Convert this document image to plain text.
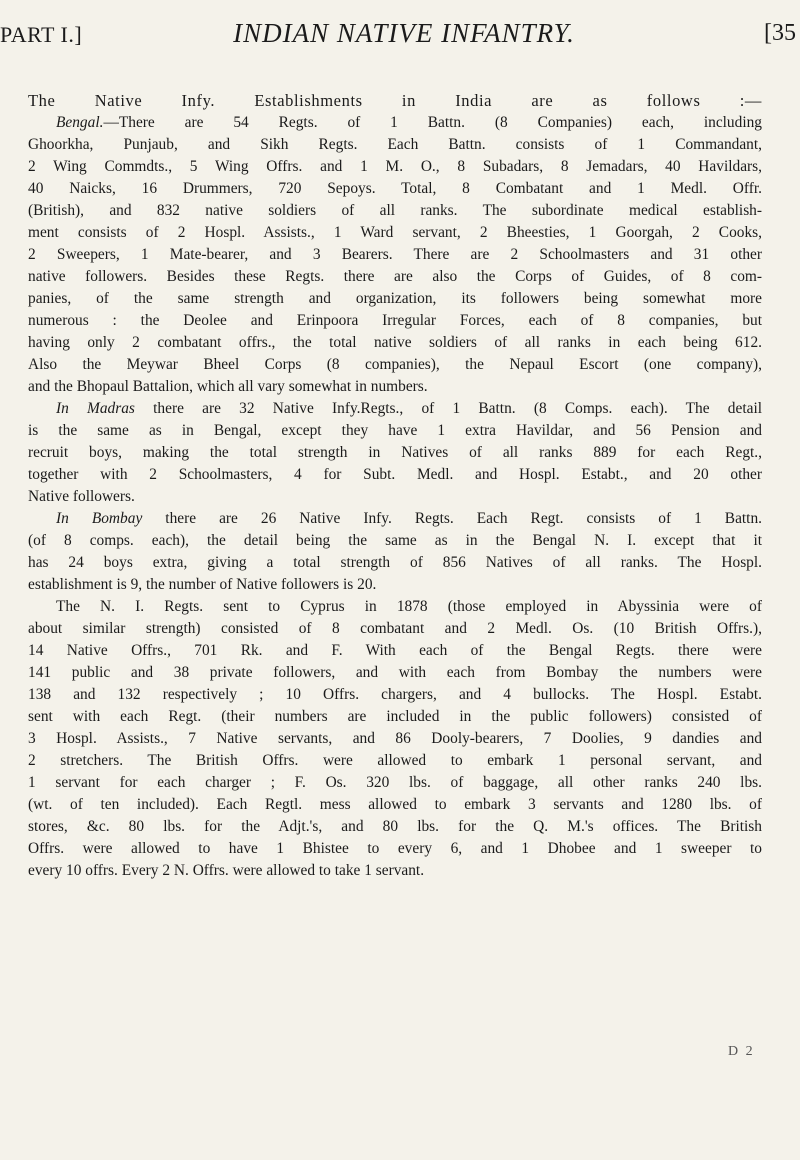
PART I.]	INDIAN NATIVE INFANTRY.	[35
The Native Infy. Establishments in India are as follows :—
Bengal.—There are 54 Regts. of 1 Battn. (8 Companies) each, including
Ghoorkha, Punjaub, and Sikh Regts. Each Battn. consists of 1 Commandant,
2 Wing Commdts., 5 Wing Offrs. and 1 M. O., 8 Subadars, 8 Jemadars, 40 Havildars,
40 Naicks, 16 Drummers, 720 Sepoys. Total, 8 Combatant and 1 Medl. Offr.
(British), and 832 native soldiers of all ranks. The subordinate medical establish-
ment consists of 2 Hospl. Assists., 1 Ward servant, 2 Bheesties, 1 Goorgah, 2 Cooks,
2 Sweepers, 1 Mate-bearer, and 3 Bearers. There are 2 Schoolmasters and 31 other
native followers. Besides these Regts. there are also the Corps of Guides, of 8 com-
panies, of the same strength and organization, its followers being somewhat more
numerous : the Deolee and Erinpoora Irregular Forces, each of 8 companies, but
having only 2 combatant offrs., the total native soldiers of all ranks in each being 612.
Also the Meywar Bheel Corps (8 companies), the Nepaul Escort (one company),
and the Bhopaul Battalion, which all vary somewhat in numbers.
In Madras there are 32 Native Infy.Regts., of 1 Battn. (8 Comps. each). The detail
is the same as in Bengal, except they have 1 extra Havildar, and 56 Pension and
recruit boys, making the total strength in Natives of all ranks 889 for each Regt.,
together with 2 Schoolmasters, 4 for Subt. Medl. and Hospl. Estabt., and 20 other
Native followers.
In Bombay there are 26 Native Infy. Regts. Each Regt. consists of 1 Battn.
(of 8 comps. each), the detail being the same as in the Bengal N. I. except that it
has 24 boys extra, giving a total strength of 856 Natives of all ranks. The Hospl.
establishment is 9, the number of Native followers is 20.
The N. I. Regts. sent to Cyprus in 1878 (those employed in Abyssinia were of
about similar strength) consisted of 8 combatant and 2 Medl. Os. (10 British Offrs.),
14 Native Offrs., 701 Rk. and F. With each of the Bengal Regts. there were
141 public and 38 private followers, and with each from Bombay the numbers were
138 and 132 respectively ; 10 Offrs. chargers, and 4 bullocks. The Hospl. Estabt.
sent with each Regt. (their numbers are included in the public followers) consisted of
3 Hospl. Assists., 7 Native servants, and 86 Dooly-bearers, 7 Doolies, 9 dandies and
2 stretchers. The British Offrs. were allowed to embark 1 personal servant, and
1 servant for each charger ; F. Os. 320 lbs. of baggage, all other ranks 240 lbs.
(wt. of ten included). Each Regtl. mess allowed to embark 3 servants and 1280 lbs. of
stores, &c. 80 lbs. for the Adjt.'s, and 80 lbs. for the Q. M.'s offices. The British
Offrs. were allowed to have 1 Bhistee to every 6, and 1 Dhobee and 1 sweeper to
every 10 offrs. Every 2 N. Offrs. were allowed to take 1 servant.
D 2
